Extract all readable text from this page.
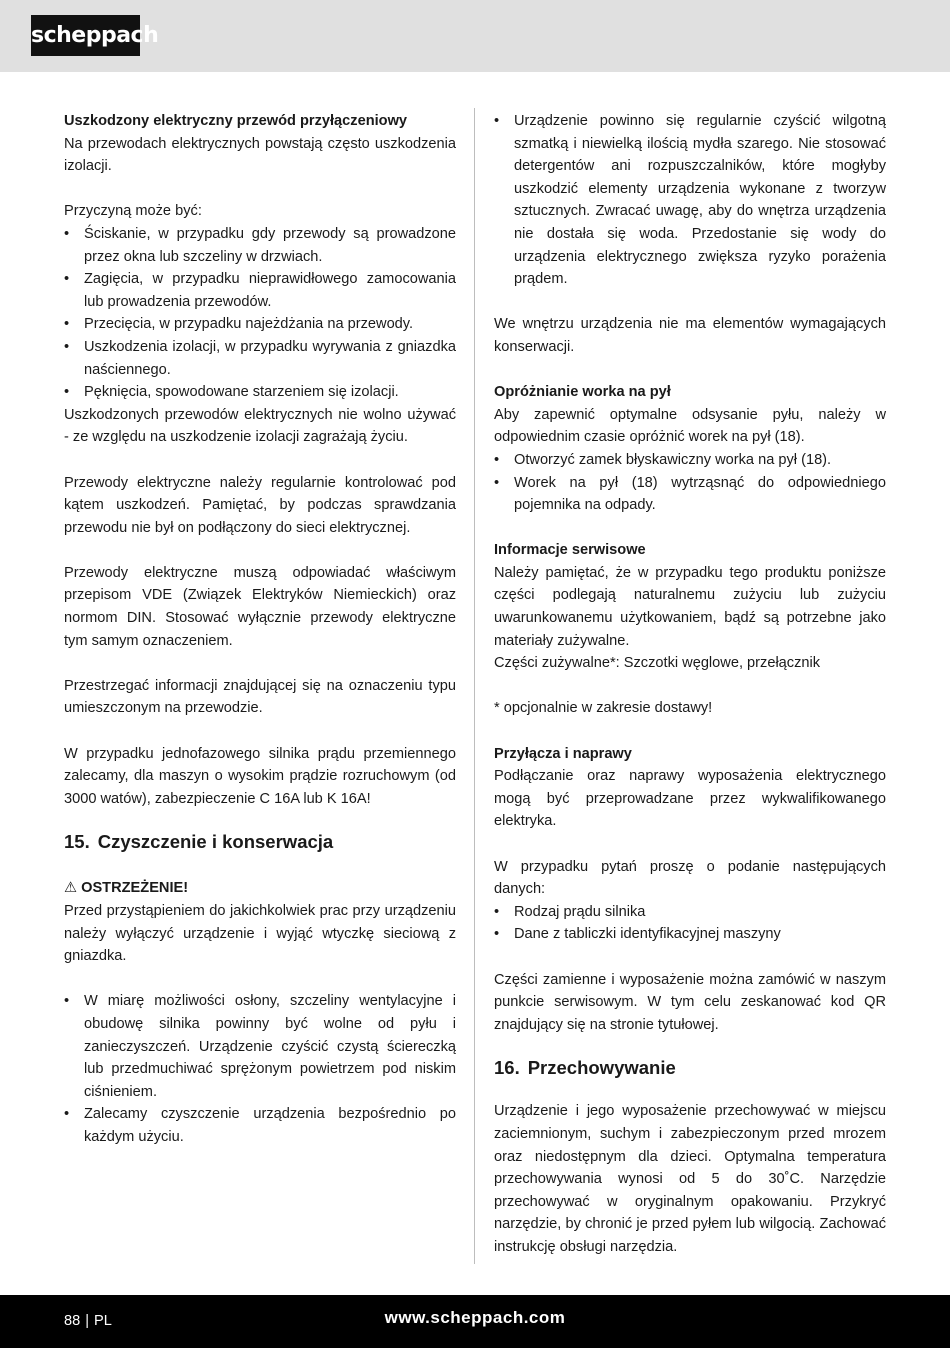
scheppach

Uszkodzony elektryczny przewód przyłączeniowy

Na przewodach elektrycznych powstają często uszkodzenia izolacji.

Przyczyną może być:

• Ściskanie, w przypadku gdy przewody są prowadzone przez okna lub szczeliny w drzwiach.
• Zagięcia, w przypadku nieprawidłowego zamocowania lub prowadzenia przewodów.
• Przecięcia, w przypadku najeżdżania na przewody.
• Uszkodzenia izolacji, w przypadku wyrywania z gniazdka naściennego.
• Pęknięcia, spowodowane starzeniem się izolacji.

Uszkodzonych przewodów elektrycznych nie wolno używać - ze względu na uszkodzenie izolacji zagrażają życiu.

Przewody elektryczne należy regularnie kontrolować pod kątem uszkodzeń. Pamiętać, by podczas sprawdzania przewodu nie był on podłączony do sieci elektrycznej.

Przewody elektryczne muszą odpowiadać właściwym przepisom VDE (Związek Elektryków Niemieckich) oraz normom DIN. Stosować wyłącznie przewody elektryczne tym samym oznaczeniem.

Przestrzegać informacji znajdującej się na oznaczeniu typu umieszczonym na przewodzie.

W przypadku jednofazowego silnika prądu przemiennego zalecamy, dla maszyn o wysokim prądzie rozruchowym (od 3000 watów), zabezpieczenie C 16A lub K 16A!

15. Czyszczenie i konserwacja

⚠ OSTRZEŻENIE!

Przed przystąpieniem do jakichkolwiek prac przy urządzeniu należy wyłączyć urządzenie i wyjąć wtyczkę sieciową z gniazdka.

• W miarę możliwości osłony, szczeliny wentylacyjne i obudowę silnika powinny być wolne od pyłu i zanieczyszczeń. Urządzenie czyścić czystą ściereczką lub przedmuchiwać sprężonym powietrzem pod niskim ciśnieniem.
• Zalecamy czyszczenie urządzenia bezpośrednio po każdym użyciu.
• Urządzenie powinno się regularnie czyścić wilgotną szmatką i niewielką ilością mydła szarego. Nie stosować detergentów ani rozpuszczalników, które mogłyby uszkodzić elementy urządzenia wykonane z tworzyw sztucznych. Zwracać uwagę, aby do wnętrza urządzenia nie dostała się woda. Przedostanie się wody do urządzenia elektrycznego zwiększa ryzyko porażenia prądem.

We wnętrzu urządzenia nie ma elementów wymagających konserwacji.

Opróżnianie worka na pył

Aby zapewnić optymalne odsysanie pyłu, należy w odpowiednim czasie opróżnić worek na pył (18).

• Otworzyć zamek błyskawiczny worka na pył (18).
• Worek na pył (18) wytrząsnąć do odpowiedniego pojemnika na odpady.

Informacje serwisowe

Należy pamiętać, że w przypadku tego produktu poniższe części podlegają naturalnemu zużyciu lub zużyciu uwarunkowanemu użytkowaniem, bądź są potrzebne jako materiały zużywalne.

Części zużywalne*: Szczotki węglowe, przełącznik

* opcjonalnie w zakresie dostawy!

Przyłącza i naprawy

Podłączanie oraz naprawy wyposażenia elektrycznego mogą być przeprowadzane przez wykwalifikowanego elektryka.

W przypadku pytań proszę o podanie następujących danych:

• Rodzaj prądu silnika
• Dane z tabliczki identyfikacyjnej maszyny

Części zamienne i wyposażenie można zamówić w naszym punkcie serwisowym. W tym celu zeskanować kod QR znajdujący się na stronie tytułowej.

16. Przechowywanie

Urządzenie i jego wyposażenie przechowywać w miejscu zaciemnionym, suchym i zabezpieczonym przed mrozem oraz niedostępnym dla dzieci. Optymalna temperatura przechowywania wynosi od 5 do 30˚C. Narzędzie przechowywać w oryginalnym opakowaniu. Przykryć narzędzie, by chronić je przed pyłem lub wilgocią. Zachować instrukcję obsługi narzędzia.

88 | PL	www.scheppach.com
